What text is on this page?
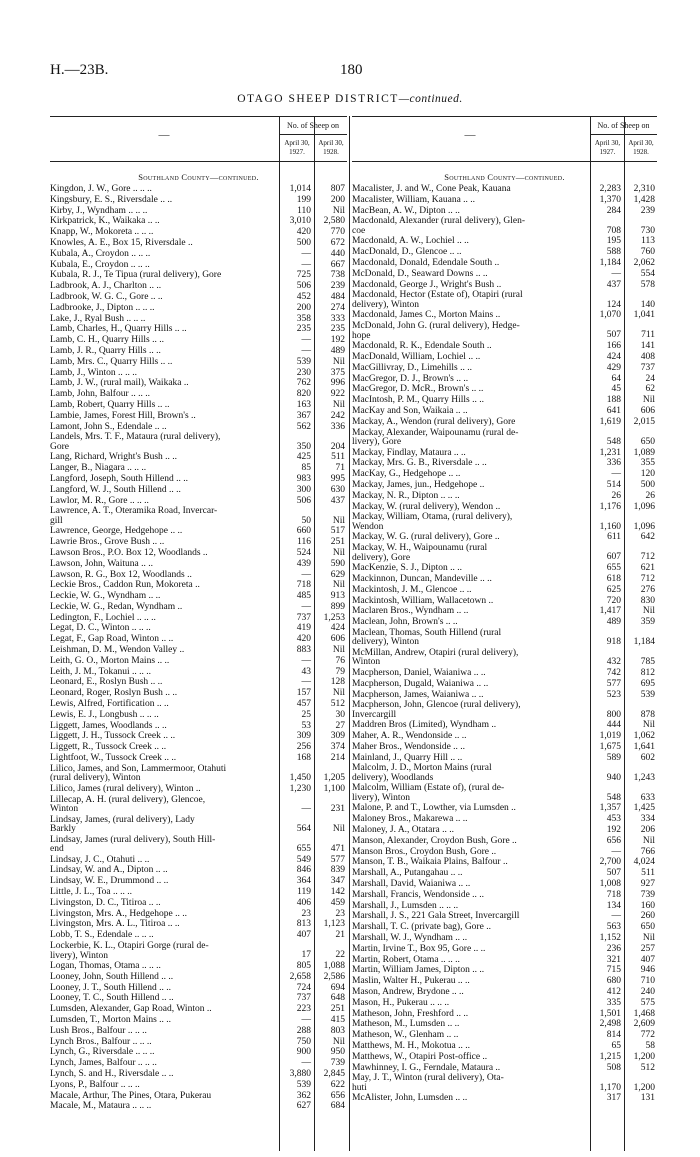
H.—23B.	180
OTAGO SHEEP DISTRICT—continued.
—
No. of Sheep on
April 30, 1927.
April 30, 1928.
Southland County—continued.
Kingdon, J. W., Gore .. .. ..	1,014	807
Kingsbury, E. S., Riversdale .. ..	199	200
Kirby, J., Wyndham .. .. ..	110	Nil
Kirkpatrick, K., Waikaka .. ..	3,010	2,580
Knapp, W., Mokoreta .. .. ..	420	770
Knowles, A. E., Box 15, Riversdale ..	500	672
Kubala, A., Croydon .. .. ..	—	440
Kubala, E., Croydon .. .. ..	—	667
Kubala, R. J., Te Tipua (rural delivery), Gore	725	738
Ladbrook, A. J., Charlton .. ..	506	239
Ladbrook, W. G. C., Gore .. ..	452	484
Ladbrooke, J., Dipton .. .. ..	200	274
Lake, J., Ryal Bush .. .. ..	358	333
Lamb, Charles, H., Quarry Hills .. ..	235	235
Lamb, C. H., Quarry Hills .. ..	—	192
Lamb, J. R., Quarry Hills .. ..	—	489
Lamb, Mrs. C., Quarry Hills .. ..	539	Nil
Lamb, J., Winton .. .. ..	230	375
Lamb, J. W., (rural mail), Waikaka ..	762	996
Lamb, John, Balfour .. .. ..	820	922
Lamb, Robert, Quarry Hills .. ..	163	Nil
Lambie, James, Forest Hill, Brown's ..	367	242
Lamont, John S., Edendale .. ..	562	336
Landels, Mrs. T. F., Mataura (rural delivery),
Gore	350	204
Lang, Richard, Wright's Bush .. ..	425	511
Langer, B., Niagara .. .. ..	85	71
Langford, Joseph, South Hillend .. ..	983	995
Langford, W. J., South Hillend .. ..	300	630
Lawlor, M. R., Gore .. .. ..	506	437
Lawrence, A. T., Oteramika Road, Invercar-
gill	50	Nil
Lawrence, George, Hedgehope .. ..	660	517
Lawrie Bros., Grove Bush .. ..	116	251
Lawson Bros., P.O. Box 12, Woodlands ..	524	Nil
Lawson, John, Waituna .. ..	439	590
Lawson, R. G., Box 12, Woodlands ..	—	629
Leckie Bros., Caddon Run, Mokoreta ..	718	Nil
Leckie, W. G., Wyndham .. ..	485	913
Leckie, W. G., Redan, Wyndham ..	—	899
Ledington, F., Lochiel .. .. ..	737	1,253
Legat, D. C., Winton .. .. ..	419	424
Legat, F., Gap Road, Winton .. ..	420	606
Leishman, D. M., Wendon Valley ..	883	Nil
Leith, G. O., Morton Mains .. ..	—	76
Leith, J. M., Tokanui .. .. ..	43	79
Leonard, E., Roslyn Bush .. ..	—	128
Leonard, Roger, Roslyn Bush .. ..	157	Nil
Lewis, Alfred, Fortification .. ..	457	512
Lewis, E. J., Longbush .. .. ..	25	30
Liggett, James, Woodlands .. ..	53	27
Liggett, J. H., Tussock Creek .. ..	309	309
Liggett, R., Tussock Creek .. ..	256	374
Lightfoot, W., Tussock Creek .. ..	168	214
Lilico, James, and Son, Lammermoor, Otahuti
(rural delivery), Winton	1,450	1,205
Lilico, James (rural delivery), Winton ..	1,230	1,100
Lillecap, A. H. (rural delivery), Glencoe,
Winton	—	231
Lindsay, James, (rural delivery), Lady
Barkly	564	Nil
Lindsay, James (rural delivery), South Hill-
end	655	471
Lindsay, J. C., Otahuti .. ..	549	577
Lindsay, W. and A., Dipton .. ..	846	839
Lindsay, W. E., Drummond .. ..	364	347
Little, J. L., Toa .. .. ..	119	142
Livingston, D. C., Titiroa .. ..	406	459
Livingston, Mrs. A., Hedgehope .. ..	23	23
Livingston, Mrs. A. L., Titiroa .. ..	813	1,123
Lobb, T. S., Edendale .. .. ..	407	21
Lockerbie, K. L., Otapiri Gorge (rural de-
livery), Winton	17	22
Logan, Thomas, Otama .. .. ..	805	1,088
Looney, John, South Hillend .. ..	2,658	2,586
Looney, J. T., South Hillend .. ..	724	694
Looney, T. C., South Hillend .. ..	737	648
Lumsden, Alexander, Gap Road, Winton ..	223	251
Lumsden, T., Morton Mains .. ..	—	415
Lush Bros., Balfour .. .. ..	288	803
Lynch Bros., Balfour .. .. ..	750	Nil
Lynch, G., Riversdale .. .. ..	900	950
Lynch, James, Balfour .. .. ..	—	739
Lynch, S. and H., Riversdale .. ..	3,880	2,845
Lyons, P., Balfour .. .. ..	539	622
Macale, Arthur, The Pines, Otara, Pukerau	362	656
Macale, M., Mataura .. .. ..	627	684
—
No. of Sheep on
April 30, 1927.
April 30, 1928.
Southland County—continued.
Macalister, J. and W., Cone Peak, Kauana	2,283	2,310
Macalister, William, Kauana .. ..	1,370	1,428
MacBean, A. W., Dipton .. ..	284	239
Macdonald, Alexander (rural delivery), Glen-
coe	708	730
Macdonald, A. W., Lochiel .. ..	195	113
MacDonald, D., Glencoe .. ..	588	760
Macdonald, Donald, Edendale South ..	1,184	2,062
McDonald, D., Seaward Downs .. ..	—	554
Macdonald, George J., Wright's Bush ..	437	578
Macdonald, Hector (Estate of), Otapiri (rural
delivery), Winton	124	140
Macdonald, James C., Morton Mains ..	1,070	1,041
McDonald, John G. (rural delivery), Hedge-
hope	507	711
Macdonald, R. K., Edendale South ..	166	141
MacDonald, William, Lochiel .. ..	424	408
MacGillivray, D., Limehills .. ..	429	737
MacGregor, D. J., Brown's .. ..	64	24
MacGregor, D. McR., Brown's .. ..	45	62
MacIntosh, P. M., Quarry Hills .. ..	188	Nil
MacKay and Son, Waikaia .. ..	641	606
Mackay, A., Wendon (rural delivery), Gore	1,619	2,015
Mackay, Alexander, Waipounamu (rural de-
livery), Gore	548	650
Mackay, Findlay, Mataura .. ..	1,231	1,089
Mackay, Mrs. G. B., Riversdale .. ..	336	355
MacKay, G., Hedgehope .. ..	—	120
Mackay, James, jun., Hedgehope ..	514	500
Mackay, N. R., Dipton .. .. ..	26	26
Mackay, W. (rural delivery), Wendon ..	1,176	1,096
Mackay, William, Otama, (rural delivery),
Wendon	1,160	1,096
Mackay, W. G. (rural delivery), Gore ..	611	642
Mackay, W. H., Waipounamu (rural
delivery), Gore	607	712
MacKenzie, S. J., Dipton .. ..	655	621
Mackinnon, Duncan, Mandeville .. ..	618	712
Mackintosh, J. M., Glencoe .. ..	625	276
Mackintosh, William, Wallacetown ..	720	830
Maclaren Bros., Wyndham .. ..	1,417	Nil
Maclean, John, Brown's .. ..	489	359
Maclean, Thomas, South Hillend (rural
delivery), Winton	918	1,184
McMillan, Andrew, Otapiri (rural delivery),
Winton	432	785
Macpherson, Daniel, Waianiwa .. ..	742	812
Macpherson, Dugald, Waianiwa .. ..	577	695
Macpherson, James, Waianiwa .. ..	523	539
Macpherson, John, Glencoe (rural delivery),
Invercargill	800	878
Maddren Bros (Limited), Wyndham ..	444	Nil
Maher, A. R., Wendonside .. ..	1,019	1,062
Maher Bros., Wendonside .. ..	1,675	1,641
Mainland, J., Quarry Hill .. ..	589	602
Malcolm, J. D., Morton Mains (rural
delivery), Woodlands	940	1,243
Malcolm, William (Estate of), (rural de-
livery), Winton	548	633
Malone, P. and T., Lowther, via Lumsden ..	1,357	1,425
Maloney Bros., Makarewa .. ..	453	334
Maloney, J. A., Otatara .. ..	192	206
Manson, Alexander, Croydon Bush, Gore ..	656	Nil
Manson Bros., Croydon Bush, Gore ..	—	766
Manson, T. B., Waikaia Plains, Balfour ..	2,700	4,024
Marshall, A., Putangahau .. ..	507	511
Marshall, David, Waianiwa .. ..	1,008	927
Marshall, Francis, Wendonside .. ..	718	739
Marshall, J., Lumsden .. .. ..	134	160
Marshall, J. S., 221 Gala Street, Invercargill	—	260
Marshall, T. C. (private bag), Gore ..	563	650
Marshall, W. J., Wyndham .. ..	1,152	Nil
Martin, Irvine T., Box 95, Gore .. ..	236	257
Martin, Robert, Otama .. .. ..	321	407
Martin, William James, Dipton .. ..	715	946
Maslin, Walter H., Pukerau .. ..	680	710
Mason, Andrew, Brydone .. ..	412	240
Mason, H., Pukerau .. .. ..	335	575
Matheson, John, Freshford .. ..	1,501	1,468
Matheson, M., Lumsden .. ..	2,498	2,609
Matheson, W., Glenham .. ..	814	772
Matthews, M. H., Mokotua .. ..	65	58
Matthews, W., Otapiri Post-office ..	1,215	1,200
Mawhinney, I. G., Ferndale, Mataura ..	508	512
May, J. T., Winton (rural delivery), Ota-
huti	1,170	1,200
McAlister, John, Lumsden .. ..	317	131
